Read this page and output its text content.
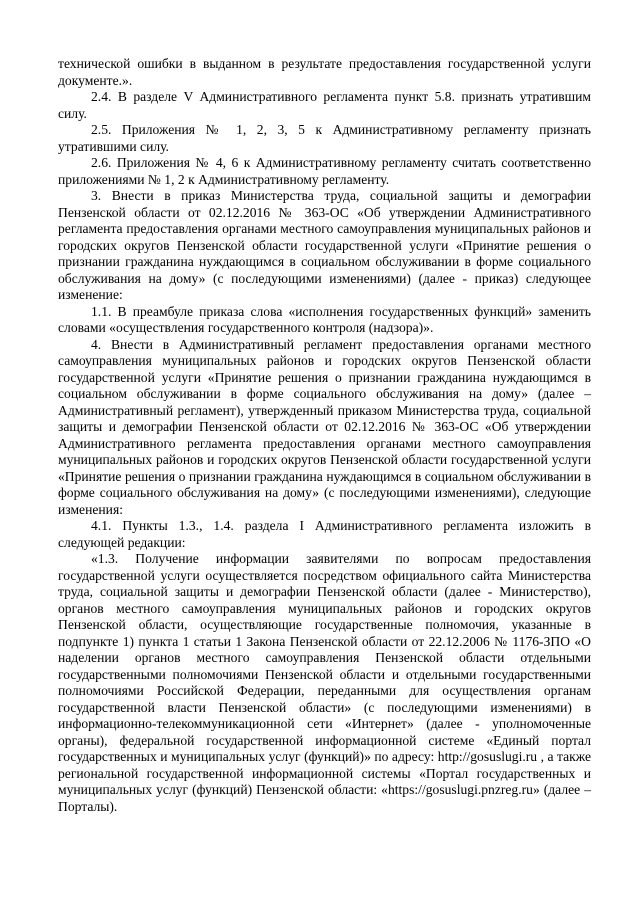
технической ошибки в выданном в результате предоставления государственной услуги документе.».

2.4. В разделе V Административного регламента пункт 5.8. признать утратившим силу.

2.5. Приложения № 1, 2, 3, 5 к Административному регламенту признать утратившими силу.

2.6. Приложения № 4, 6 к Административному регламенту считать соответственно приложениями № 1, 2 к Административному регламенту.

3. Внести в приказ Министерства труда, социальной защиты и демографии Пензенской области от 02.12.2016 № 363-ОС «Об утверждении Административного регламента предоставления органами местного самоуправления муниципальных районов и городских округов Пензенской области государственной услуги «Принятие решения о признании гражданина нуждающимся в социальном обслуживании в форме социального обслуживания на дому» (с последующими изменениями) (далее - приказ) следующее изменение:

1.1. В преамбуле приказа слова «исполнения государственных функций» заменить словами «осуществления государственного контроля (надзора)».

4. Внести в Административный регламент предоставления органами местного самоуправления муниципальных районов и городских округов Пензенской области государственной услуги «Принятие решения о признании гражданина нуждающимся в социальном обслуживании в форме социального обслуживания на дому» (далее – Административный регламент), утвержденный приказом Министерства труда, социальной защиты и демографии Пензенской области от 02.12.2016 № 363-ОС «Об утверждении Административного регламента предоставления органами местного самоуправления муниципальных районов и городских округов Пензенской области государственной услуги «Принятие решения о признании гражданина нуждающимся в социальном обслуживании в форме социального обслуживания на дому» (с последующими изменениями), следующие изменения:

4.1. Пункты 1.3., 1.4. раздела I Административного регламента изложить в следующей редакции:

«1.3. Получение информации заявителями по вопросам предоставления государственной услуги осуществляется посредством официального сайта Министерства труда, социальной защиты и демографии Пензенской области (далее - Министерство), органов местного самоуправления муниципальных районов и городских округов Пензенской области, осуществляющие государственные полномочия, указанные в подпункте 1) пункта 1 статьи 1 Закона Пензенской области от 22.12.2006 № 1176-ЗПО «О наделении органов местного самоуправления Пензенской области отдельными государственными полномочиями Пензенской области и отдельными государственными полномочиями Российской Федерации, переданными для осуществления органам государственной власти Пензенской области» (с последующими изменениями) в информационно-телекоммуникационной сети «Интернет» (далее - уполномоченные органы), федеральной государственной информационной системе «Единый портал государственных и муниципальных услуг (функций)» по адресу: http://gosuslugi.ru , а также региональной государственной информационной системы «Портал государственных и муниципальных услуг (функций) Пензенской области: «https://gosuslugi.pnzreg.ru» (далее – Порталы).
